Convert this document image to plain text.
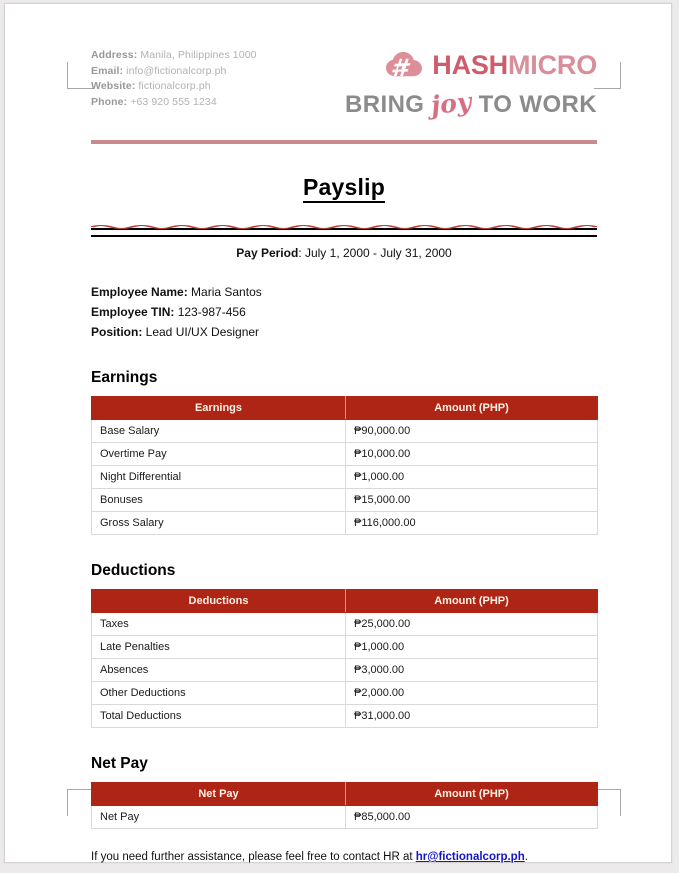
Address: Manila, Philippines 1000
Email: info@fictionalcorp.ph
Website: fictionalcorp.ph
Phone: +63 920 555 1234
HASHMICRO
BRING joy TO WORK
Payslip
Pay Period: July 1, 2000 - July 31, 2000
Employee Name: Maria Santos
Employee TIN: 123-987-456
Position: Lead UI/UX Designer
Earnings
Earnings	Amount (PHP)
Base Salary	₱90,000.00
Overtime Pay	₱10,000.00
Night Differential	₱1,000.00
Bonuses	₱15,000.00
Gross Salary	₱116,000.00
Deductions
Deductions	Amount (PHP)
Taxes	₱25,000.00
Late Penalties	₱1,000.00
Absences	₱3,000.00
Other Deductions	₱2,000.00
Total Deductions	₱31,000.00
Net Pay
Net Pay	Amount (PHP)
Net Pay	₱85,000.00
If you need further assistance, please feel free to contact HR at hr@fictionalcorp.ph.
